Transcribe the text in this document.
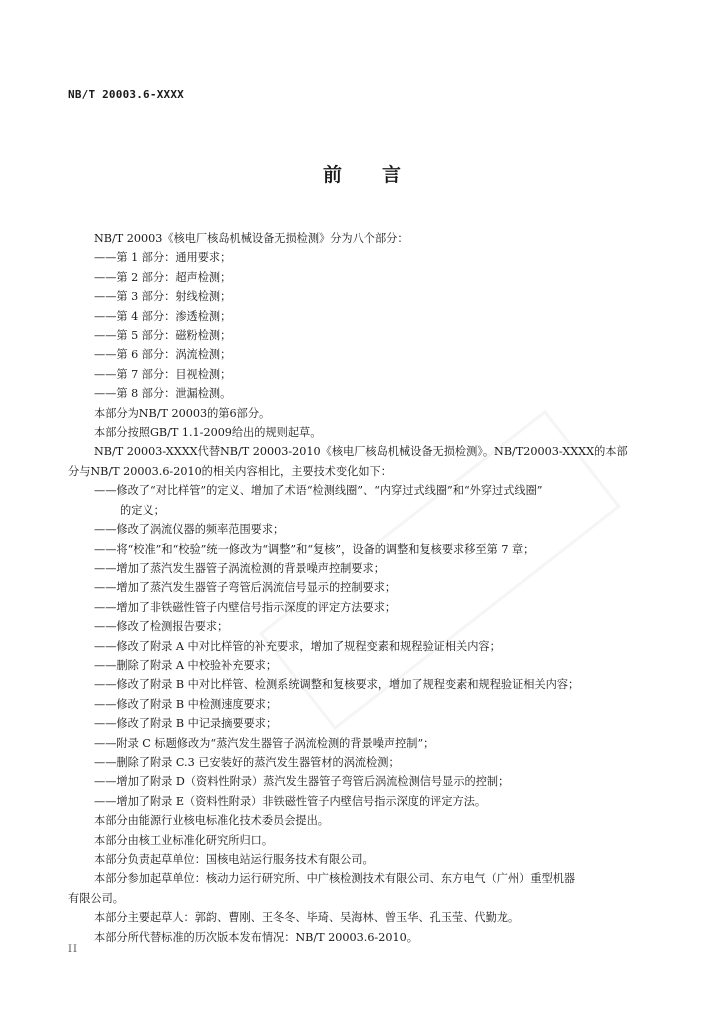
NB/T 20003.6-XXXX
前 言
NB/T 20003《核电厂核岛机械设备无损检测》分为八个部分：
——第 1 部分：通用要求；
——第 2 部分：超声检测；
——第 3 部分：射线检测；
——第 4 部分：渗透检测；
——第 5 部分：磁粉检测；
——第 6 部分：涡流检测；
——第 7 部分：目视检测；
——第 8 部分：泄漏检测。
本部分为NB/T 20003的第6部分。
本部分按照GB/T 1.1-2009给出的规则起草。
NB/T 20003-XXXX代替NB/T 20003-2010《核电厂核岛机械设备无损检测》。NB/T20003-XXXX的本部
分与NB/T 20003.6-2010的相关内容相比，主要技术变化如下：
——修改了“对比样管”的定义、增加了术语“检测线圈”、“内穿过式线圈”和“外穿过式线圈”
的定义；
——修改了涡流仪器的频率范围要求；
——将“校准”和“校验”统一修改为“调整”和“复核”，设备的调整和复核要求移至第 7 章；
——增加了蒸汽发生器管子涡流检测的背景噪声控制要求；
——增加了蒸汽发生器管子弯管后涡流信号显示的控制要求；
——增加了非铁磁性管子内壁信号指示深度的评定方法要求；
——修改了检测报告要求；
——修改了附录 A 中对比样管的补充要求，增加了规程变素和规程验证相关内容；
——删除了附录 A 中校验补充要求；
——修改了附录 B 中对比样管、检测系统调整和复核要求，增加了规程变素和规程验证相关内容；
——修改了附录 B 中检测速度要求；
——修改了附录 B 中记录摘要要求；
——附录 C 标题修改为“蒸汽发生器管子涡流检测的背景噪声控制”；
——删除了附录 C.3 已安装好的蒸汽发生器管材的涡流检测；
——增加了附录 D（资料性附录）蒸汽发生器管子弯管后涡流检测信号显示的控制；
——增加了附录 E（资料性附录）非铁磁性管子内壁信号指示深度的评定方法。
本部分由能源行业核电标准化技术委员会提出。
本部分由核工业标准化研究所归口。
本部分负责起草单位：国核电站运行服务技术有限公司。
本部分参加起草单位：核动力运行研究所、中广核检测技术有限公司、东方电气（广州）重型机器
有限公司。
本部分主要起草人：郭韵、曹刚、王冬冬、毕琦、吴海林、曾玉华、孔玉莹、代勤龙。
本部分所代替标准的历次版本发布情况：NB/T 20003.6-2010。
II
